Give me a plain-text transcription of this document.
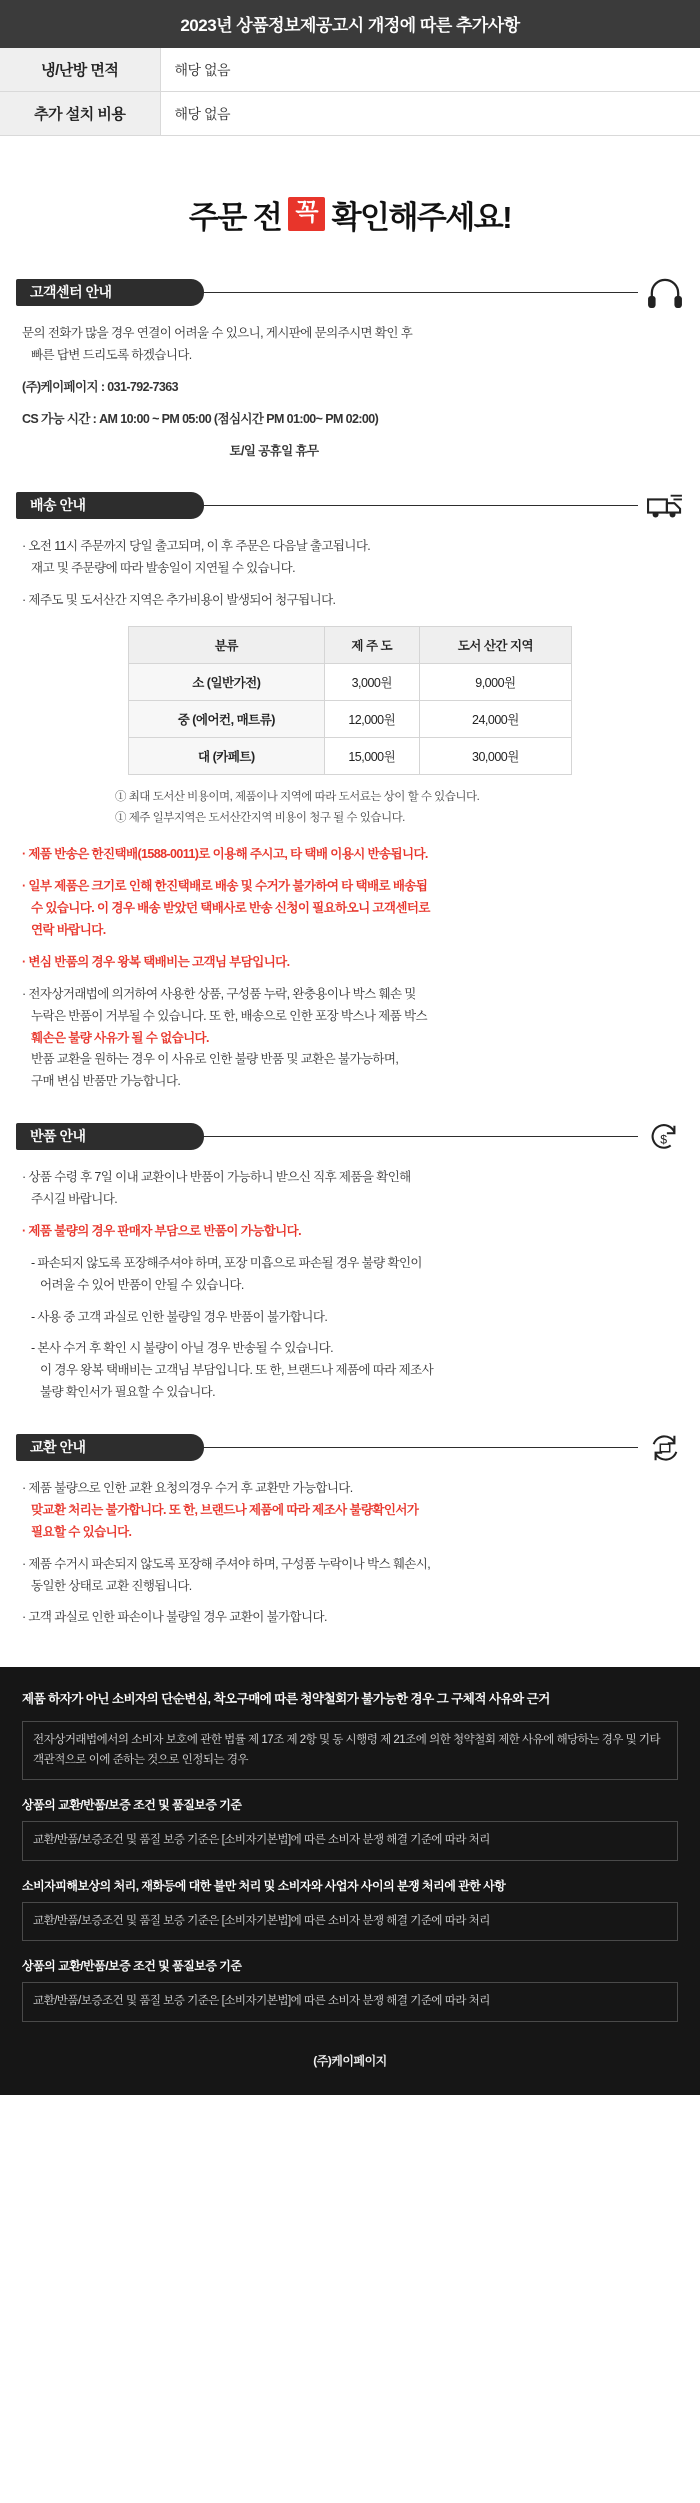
2023년 상품정보제공고시 개정에 따른 추가사항
냉/난방 면적	해당 없음
추가 설치 비용	해당 없음
주문 전 꼭 확인해주세요!
고객센터 안내

문의 전화가 많을 경우 연결이 어려울 수 있으니, 게시판에 문의주시면 확인 후
빠른 답변 드리도록 하겠습니다.

(주)케이페이지 : 031-792-7363

CS 가능 시간 : AM 10:00 ~ PM 05:00 (점심시간 PM 01:00~ PM 02:00)

토/일 공휴일 휴무

배송 안내

· 오전 11시 주문까지 당일 출고되며, 이 후 주문은 다음날 출고됩니다.
재고 및 주문량에 따라 발송일이 지연될 수 있습니다.

· 제주도 및 도서산간 지역은 추가비용이 발생되어 청구됩니다.

분류	제 주 도	도서 산간 지역
소 (일반가전)	3,000원	9,000원
중 (에어컨, 매트류)	12,000원	24,000원
대 (카페트)	15,000원	30,000원
① 최대 도서산 비용이며, 제품이나 지역에 따라 도서료는 상이 할 수 있습니다.
① 제주 일부지역은 도서산간지역 비용이 청구 될 수 있습니다.

· 제품 반송은 한진택배(1588-0011)로 이용해 주시고, 타 택배 이용시 반송됩니다.

· 일부 제품은 크기로 인해 한진택배로 배송 및 수거가 불가하여 타 택배로 배송됩
수 있습니다. 이 경우 배송 받았던 택배사로 반송 신청이 필요하오니 고객센터로
연락 바랍니다.

· 변심 반품의 경우 왕복 택배비는 고객님 부담입니다.

· 전자상거래법에 의거하여 사용한 상품, 구성품 누락, 완충용이나 박스 훼손 및
누락은 반품이 거부될 수 있습니다. 또 한, 배송으로 인한 포장 박스나 제품 박스
훼손은 불량 사유가 될 수 없습니다.
반품 교환을 원하는 경우 이 사유로 인한 불량 반품 및 교환은 불가능하며,
구매 변심 반품만 가능합니다.

반품 안내	$

· 상품 수령 후 7일 이내 교환이나 반품이 가능하니 받으신 직후 제품을 확인해
주시길 바랍니다.

· 제품 불량의 경우 판매자 부담으로 반품이 가능합니다.

- 파손되지 않도록 포장해주셔야 하며, 포장 미흡으로 파손될 경우 불량 확인이
어려울 수 있어 반품이 안될 수 있습니다.

- 사용 중 고객 과실로 인한 불량일 경우 반품이 불가합니다.

- 본사 수거 후 확인 시 불량이 아닐 경우 반송될 수 있습니다.
이 경우 왕복 택배비는 고객님 부담입니다. 또 한, 브랜드나 제품에 따라 제조사
불량 확인서가 필요할 수 있습니다.

교환 안내

· 제품 불량으로 인한 교환 요청의경우 수거 후 교환만 가능합니다.
맞교환 처리는 불가합니다. 또 한, 브랜드나 제품에 따라 제조사 불량확인서가
필요할 수 있습니다.

· 제품 수거시 파손되지 않도록 포장해 주셔야 하며, 구성품 누락이나 박스 훼손시,
동일한 상태로 교환 진행됩니다.

· 고객 과실로 인한 파손이나 불량일 경우 교환이 불가합니다.

제품 하자가 아닌 소비자의 단순변심, 착오구매에 따른 청약철회가 불가능한 경우 그 구체적 사유와 근거

전자상거래법에서의 소비자 보호에 관한 법률 제 17조 제 2항 및 동 시행령 제 21조에 의한 청약철회 제한 사유에 해당하는 경우 및 기타 객관적으로 이에 준하는 것으로 인정되는 경우
상품의 교환/반품/보증 조건 및 품질보증 기준
교환/반품/보증조건 및 품질 보증 기준은 [소비자기본법]에 따른 소비자 분쟁 해결 기준에 따라 처리
소비자피해보상의 처리, 재화등에 대한 불만 처리 및 소비자와 사업자 사이의 분쟁 처리에 관한 사항
교환/반품/보증조건 및 품질 보증 기준은 [소비자기본법]에 따른 소비자 분쟁 해결 기준에 따라 처리
상품의 교환/반품/보증 조건 및 품질보증 기준
교환/반품/보증조건 및 품질 보증 기준은 [소비자기본법]에 따른 소비자 분쟁 해결 기준에 따라 처리
(주)케이페이지
